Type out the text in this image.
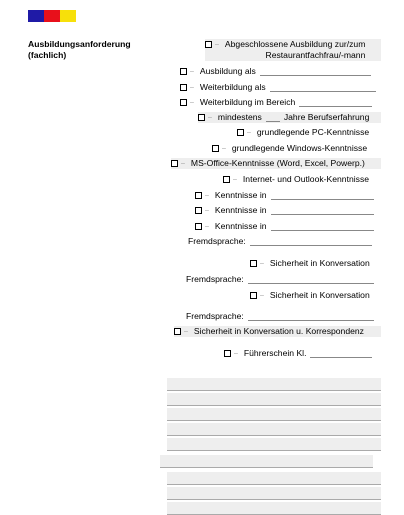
Ausbildungsanforderung (fachlich)
– Abgeschlossene Ausbildung zur/zum
Restaurantfachfrau/-mann
– Ausbildung als
– Weiterbildung als
– Weiterbildung im Bereich
– mindestens	Jahre Berufserfahrung
– grundlegende PC-Kenntnisse
– grundlegende Windows-Kenntnisse
– MS-Office-Kenntnisse (Word, Excel, Powerp.)
– Internet- und Outlook-Kenntnisse
– Kenntnisse in
– Kenntnisse in
– Kenntnisse in
Fremdsprache:
– Sicherheit in Konversation
Fremdsprache:
– Sicherheit in Konversation
Fremdsprache:
– Sicherheit in Konversation u. Korrespondenz
– Führerschein Kl.
